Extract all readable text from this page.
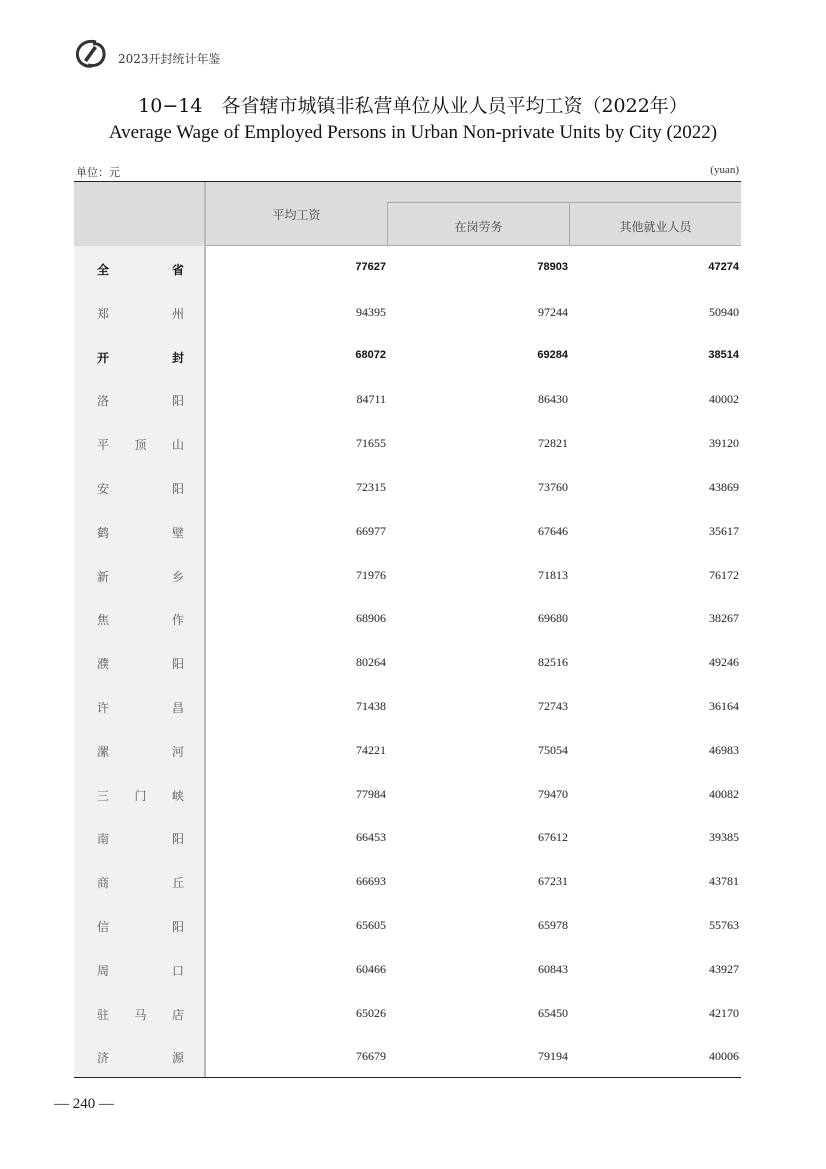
2023开封统计年鉴
10−14　各省辖市城镇非私营单位从业人员平均工资（2022年）
Average Wage of Employed Persons in Urban Non-private Units by City (2022)
单位：元	(yuan)
平均工资
在岗劳务	其他就业人员
全	省	77627	78903	47274
郑	州	94395	97244	50940
开	封	68072	69284	38514
洛	阳	84711	86430	40002
平 顶 山	71655	72821	39120
安	阳	72315	73760	43869
鹤	壁	66977	67646	35617
新	乡	71976	71813	76172
焦	作	68906	69680	38267
濮	阳	80264	82516	49246
许	昌	71438	72743	36164
漯	河	74221	75054	46983
三 门 峡	77984	79470	40082
南	阳	66453	67612	39385
商	丘	66693	67231	43781
信	阳	65605	65978	55763
周	口	60466	60843	43927
驻 马 店	65026	65450	42170
济	源	76679	79194	40006
— 240 —
